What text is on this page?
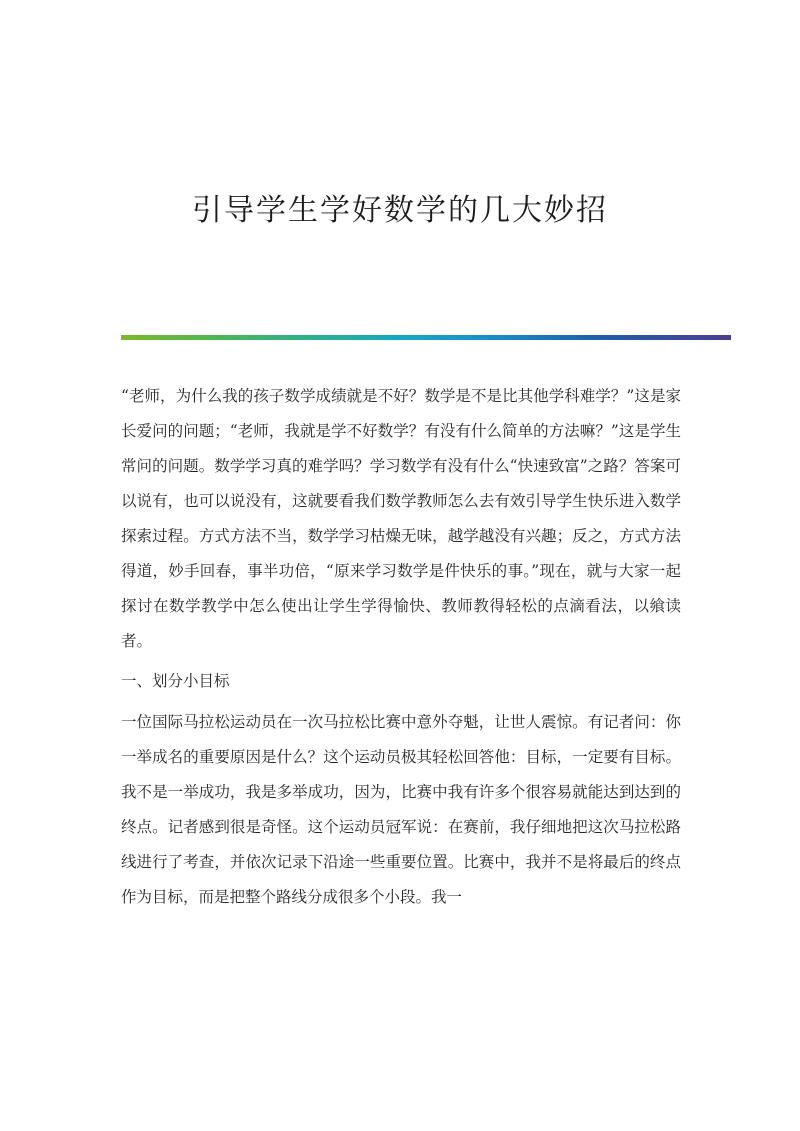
引导学生学好数学的几大妙招

“老师，为什么我的孩子数学成绩就是不好？数学是不是比其他学科难学？”这是家长爱问的问题；“老师，我就是学不好数学？有没有什么简单的方法嘛？”这是学生常问的问题。数学学习真的难学吗？学习数学有没有什么“快速致富”之路？答案可以说有，也可以说没有，这就要看我们数学教师怎么去有效引导学生快乐进入数学探索过程。方式方法不当，数学学习枯燥无味，越学越没有兴趣；反之，方式方法得道，妙手回春，事半功倍，“原来学习数学是件快乐的事。”现在，就与大家一起探讨在数学教学中怎么使出让学生学得愉快、教师教得轻松的点滴看法，以飨读者。

一、划分小目标

一位国际马拉松运动员在一次马拉松比赛中意外夺魁，让世人震惊。有记者问：你一举成名的重要原因是什么？这个运动员极其轻松回答他：目标，一定要有目标。我不是一举成功，我是多举成功，因为，比赛中我有许多个很容易就能达到达到的终点。记者感到很是奇怪。这个运动员冠军说：在赛前，我仔细地把这次马拉松路线进行了考查，并依次记录下沿途一些重要位置。比赛中，我并不是将最后的终点作为目标，而是把整个路线分成很多个小段。我一
